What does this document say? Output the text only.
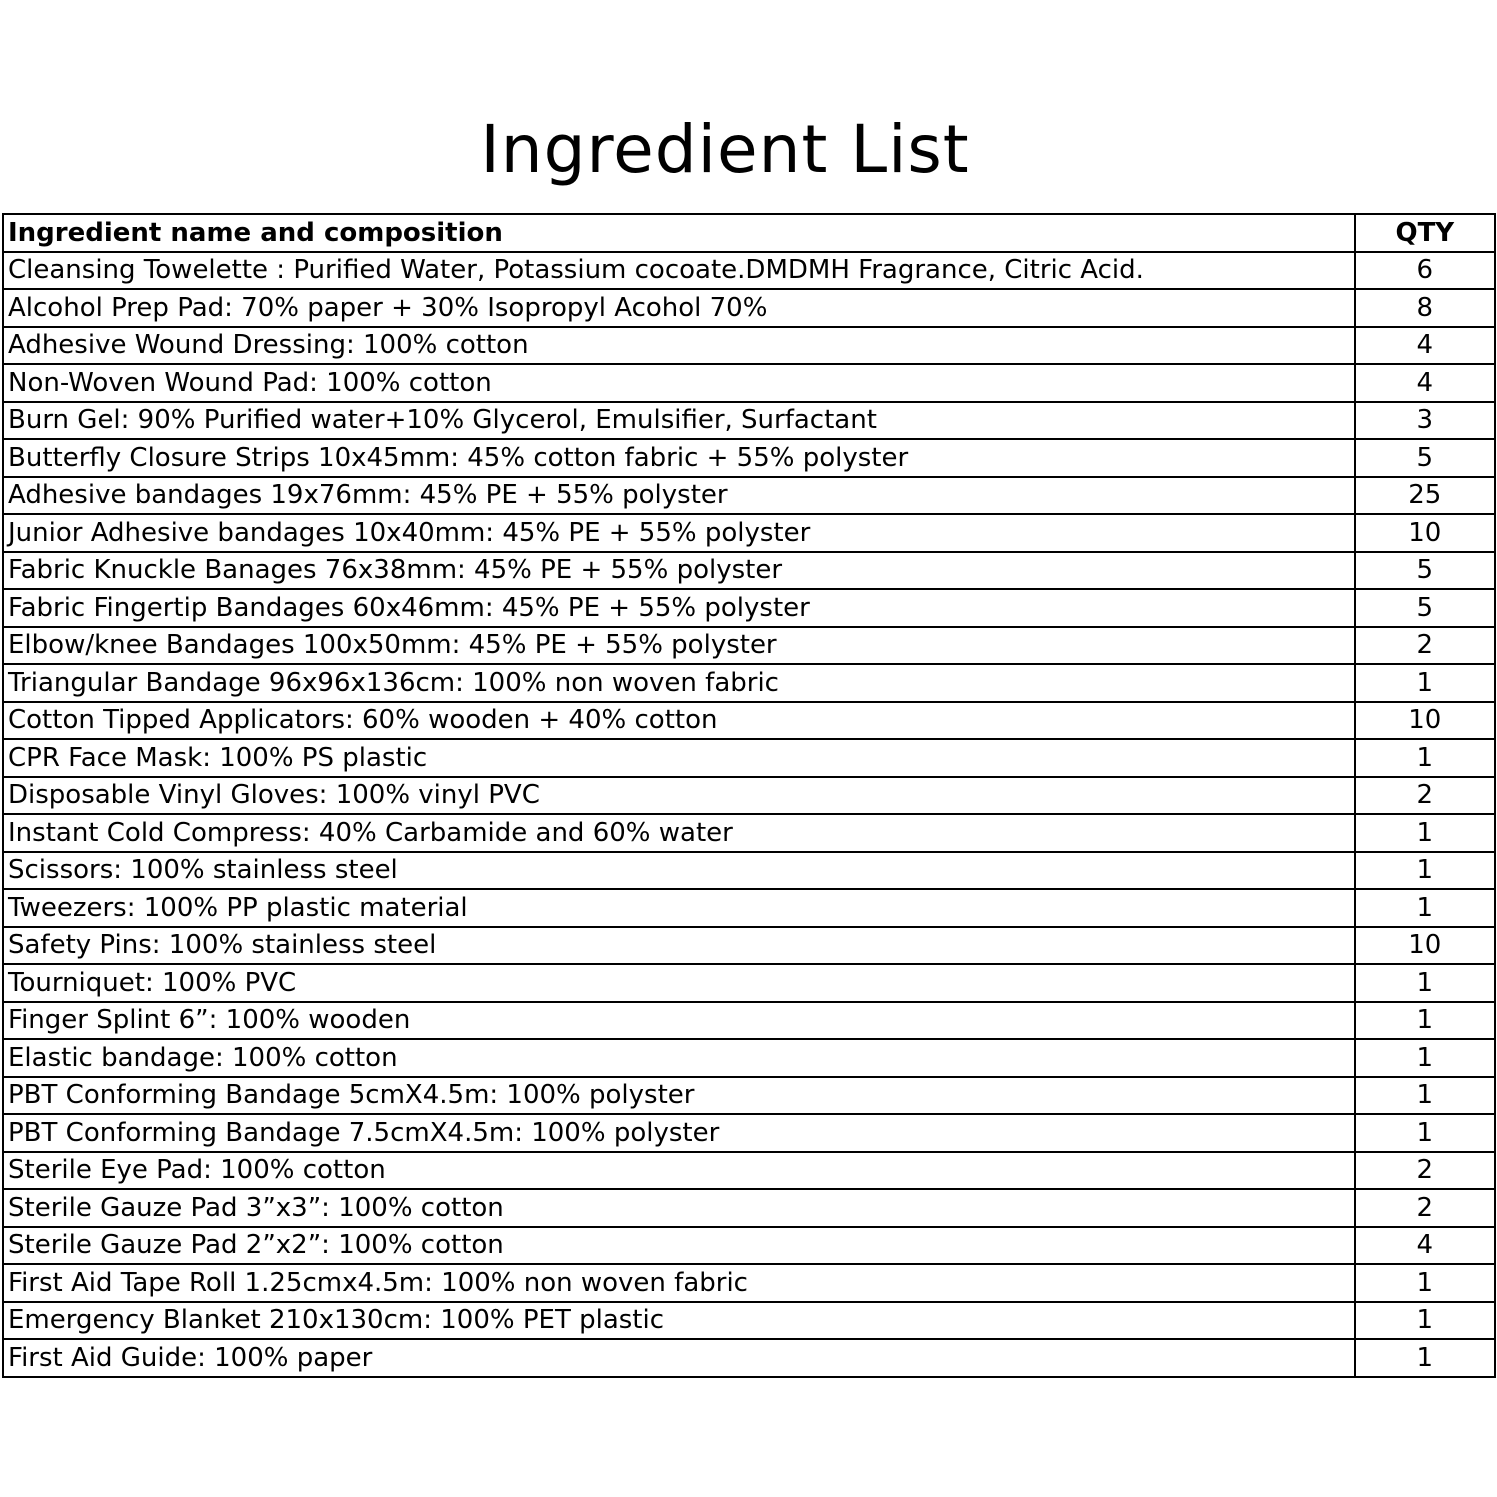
Ingredient List
Ingredient name and composition	QTY
Cleansing Towelette : Purified Water, Potassium cocoate.DMDMH Fragrance, Citric Acid.	6
Alcohol Prep Pad: 70% paper + 30% Isopropyl Acohol 70%	8
Adhesive Wound Dressing: 100% cotton	4
Non-Woven Wound Pad: 100% cotton	4
Burn Gel: 90% Purified water+10% Glycerol, Emulsifier, Surfactant	3
Butterfly Closure Strips 10x45mm: 45% cotton fabric + 55% polyster	5
Adhesive bandages 19x76mm: 45% PE + 55% polyster	25
Junior Adhesive bandages 10x40mm: 45% PE + 55% polyster	10
Fabric Knuckle Banages 76x38mm: 45% PE + 55% polyster	5
Fabric Fingertip Bandages 60x46mm: 45% PE + 55% polyster	5
Elbow/knee Bandages 100x50mm: 45% PE + 55% polyster	2
Triangular Bandage 96x96x136cm: 100% non woven fabric	1
Cotton Tipped Applicators: 60% wooden + 40% cotton	10
CPR Face Mask: 100% PS plastic	1
Disposable Vinyl Gloves: 100% vinyl PVC	2
Instant Cold Compress: 40% Carbamide and 60% water	1
Scissors: 100% stainless steel	1
Tweezers: 100% PP plastic material	1
Safety Pins: 100% stainless steel	10
Tourniquet: 100% PVC	1
Finger Splint 6”: 100% wooden	1
Elastic bandage: 100% cotton	1
PBT Conforming Bandage 5cmX4.5m: 100% polyster	1
PBT Conforming Bandage 7.5cmX4.5m: 100% polyster	1
Sterile Eye Pad: 100% cotton	2
Sterile Gauze Pad 3”x3”: 100% cotton	2
Sterile Gauze Pad 2”x2”: 100% cotton	4
First Aid Tape Roll 1.25cmx4.5m: 100% non woven fabric	1
Emergency Blanket 210x130cm: 100% PET plastic	1
First Aid Guide: 100% paper	1
